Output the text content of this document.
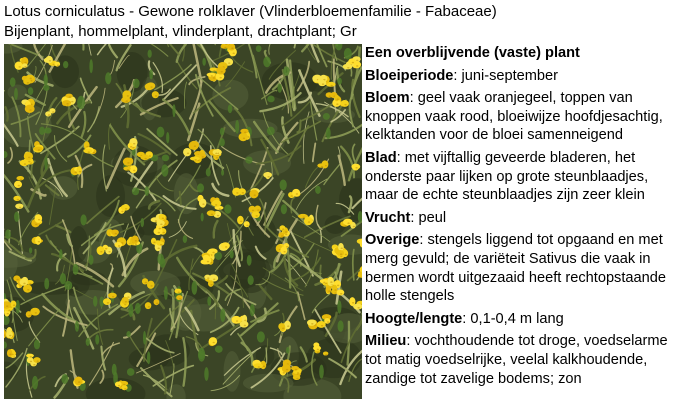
Lotus corniculatus - Gewone rolklaver (Vlinderbloemenfamilie - Fabaceae)
Bijenplant, hommelplant, vlinderplant, drachtplant; Gr

Een overblijvende (vaste) plant

Bloeiperiode: juni-september

Bloem: geel vaak oranjegeel, toppen van
knoppen vaak rood, bloeiwijze hoofdjesachtig,
kelktanden voor de bloei samenneigend

Blad: met vijftallig geveerde bladeren, het
onderste paar lijken op grote steunblaadjes,
maar de echte steunblaadjes zijn zeer klein

Vrucht: peul

Overige: stengels liggend tot opgaand en met
merg gevuld; de variëteit Sativus die vaak in
bermen wordt uitgezaaid heeft rechtopstaande
holle stengels

Hoogte/lengte: 0,1-0,4 m lang

Milieu: vochthoudende tot droge, voedselarme
tot matig voedselrijke, veelal kalkhoudende,
zandige tot zavelige bodems; zon
